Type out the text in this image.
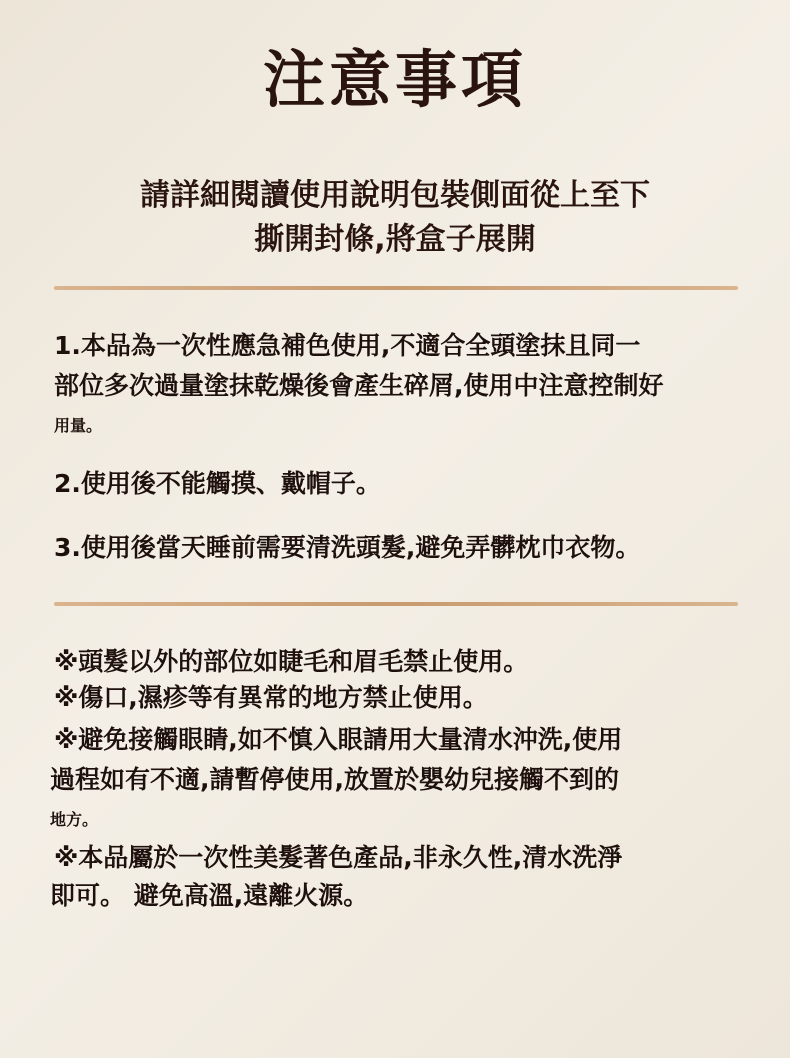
注意事項
請詳細閱讀使用說明包裝側面從上至下
撕開封條,將盒子展開
1.本品為一次性應急補色使用,不適合全頭塗抹且同一
部位多次過量塗抹乾燥後會產生碎屑,使用中注意控制好
用量。
2.使用後不能觸摸、戴帽子。
3.使用後當天睡前需要清洗頭髮,避免弄髒枕巾衣物。
※頭髮以外的部位如睫毛和眉毛禁止使用。
※傷口,濕疹等有異常的地方禁止使用。
※避免接觸眼睛,如不慎入眼請用大量清水沖洗,使用
過程如有不適,請暫停使用,放置於嬰幼兒接觸不到的
地方。
※本品屬於一次性美髮著色產品,非永久性,清水洗淨
即可。 避免高溫,遠離火源。
